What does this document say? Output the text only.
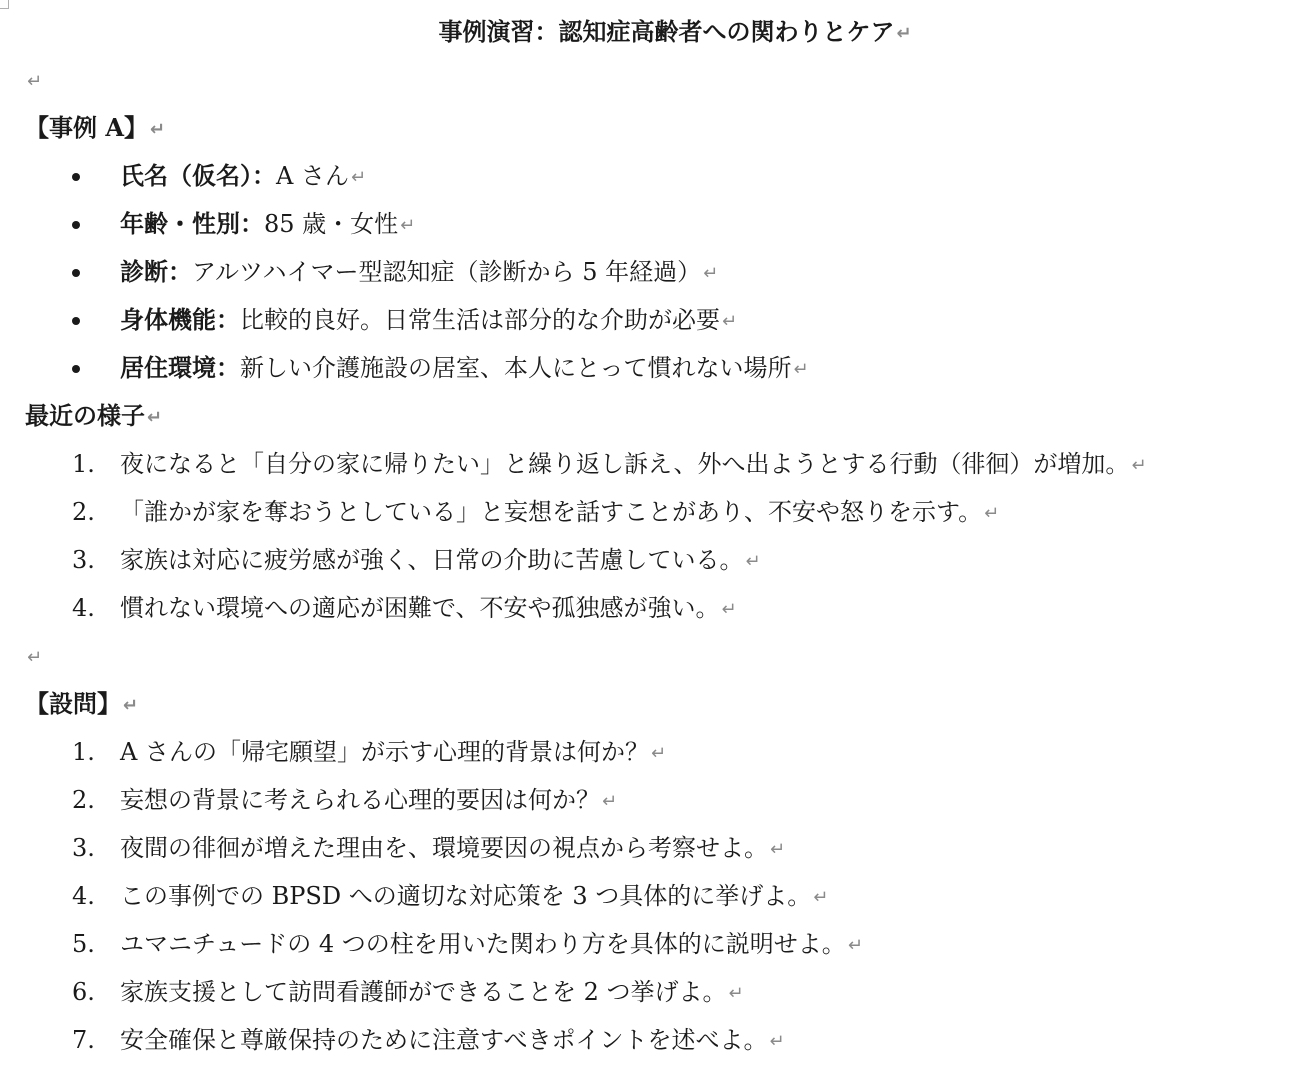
事例演習：認知症高齢者への関わりとケア ↵
↵
【事例 A】 ↵
氏名（仮名）：A さん ↵
年齢・性別：85 歳・女性 ↵
診断：アルツハイマー型認知症（診断から 5 年経過） ↵
身体機能：比較的良好。日常生活は部分的な介助が必要 ↵
居住環境：新しい介護施設の居室、本人にとって慣れない場所 ↵
最近の様子 ↵
1. 夜になると「自分の家に帰りたい」と繰り返し訴え、外へ出ようとする行動（徘徊）が増加。 ↵
2. 「誰かが家を奪おうとしている」と妄想を話すことがあり、不安や怒りを示す。 ↵
3. 家族は対応に疲労感が強く、日常の介助に苦慮している。 ↵
4. 慣れない環境への適応が困難で、不安や孤独感が強い。 ↵
↵
【設問】 ↵
1. A さんの「帰宅願望」が示す心理的背景は何か？ ↵
2. 妄想の背景に考えられる心理的要因は何か？ ↵
3. 夜間の徘徊が増えた理由を、環境要因の視点から考察せよ。 ↵
4. この事例での BPSD への適切な対応策を 3 つ具体的に挙げよ。 ↵
5. ユマニチュードの 4 つの柱を用いた関わり方を具体的に説明せよ。 ↵
6. 家族支援として訪問看護師ができることを 2 つ挙げよ。 ↵
7. 安全確保と尊厳保持のために注意すべきポイントを述べよ。 ↵
